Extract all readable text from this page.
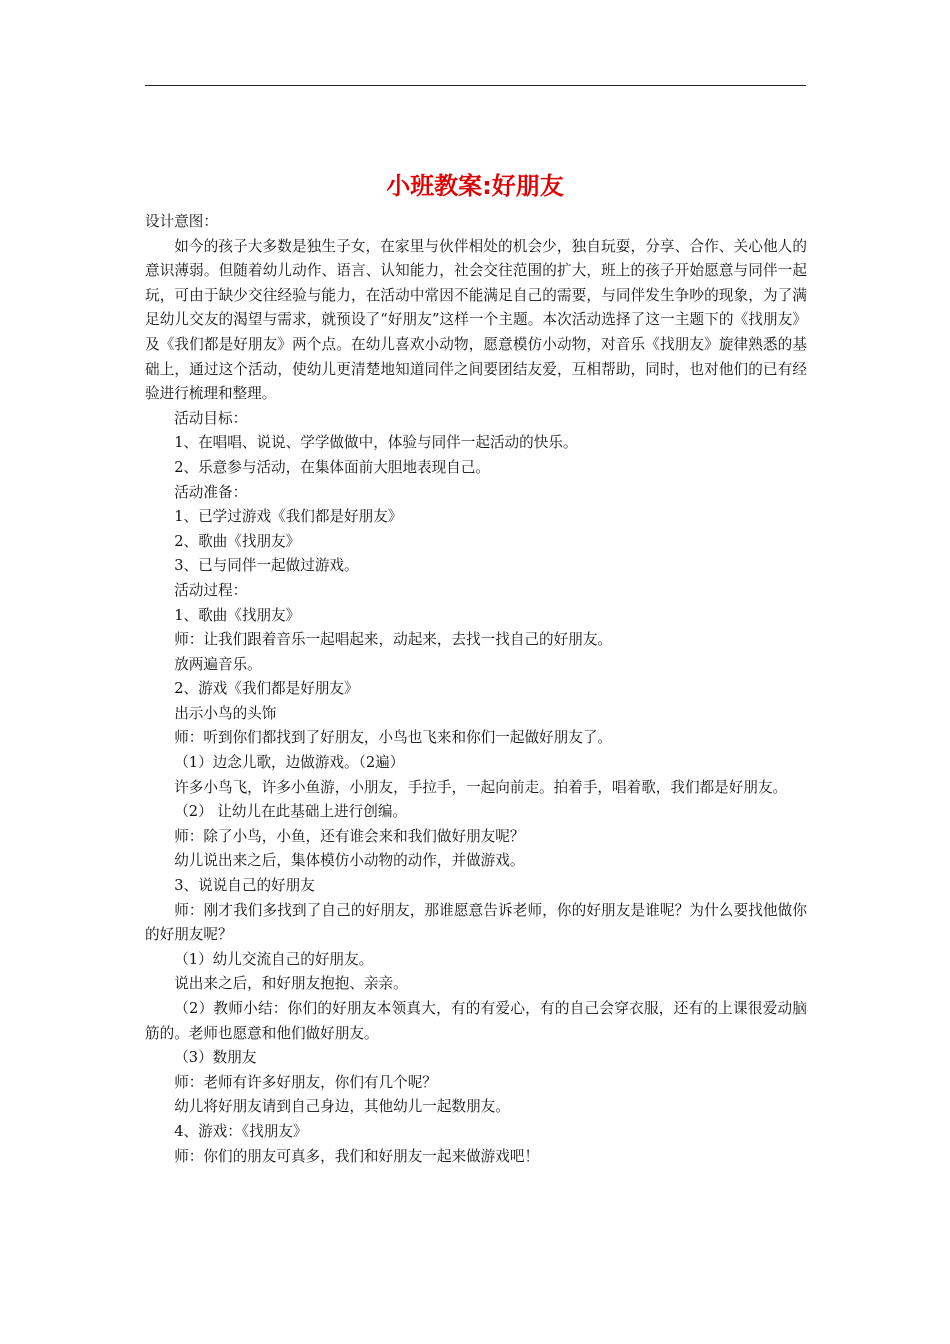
小班教案:好朋友
设计意图：
如今的孩子大多数是独生子女，在家里与伙伴相处的机会少，独自玩耍，分享、合作、关心他人的意识薄弱。但随着幼儿动作、语言、认知能力，社会交往范围的扩大，班上的孩子开始愿意与同伴一起玩，可由于缺少交往经验与能力，在活动中常因不能满足自己的需要，与同伴发生争吵的现象，为了满足幼儿交友的渴望与需求，就预设了“好朋友”这样一个主题。本次活动选择了这一主题下的《找朋友》及《我们都是好朋友》两个点。在幼儿喜欢小动物，愿意模仿小动物，对音乐《找朋友》旋律熟悉的基础上，通过这个活动，使幼儿更清楚地知道同伴之间要团结友爱，互相帮助，同时，也对他们的已有经验进行梳理和整理。
活动目标：
1、在唱唱、说说、学学做做中，体验与同伴一起活动的快乐。
2、乐意参与活动，在集体面前大胆地表现自己。
活动准备：
1、已学过游戏《我们都是好朋友》
2、歌曲《找朋友》
3、已与同伴一起做过游戏。
活动过程：
1、歌曲《找朋友》
师：让我们跟着音乐一起唱起来，动起来，去找一找自己的好朋友。
放两遍音乐。
2、游戏《我们都是好朋友》
出示小鸟的头饰
师：听到你们都找到了好朋友，小鸟也飞来和你们一起做好朋友了。
（1）边念儿歌，边做游戏。（2遍）
许多小鸟飞，许多小鱼游，小朋友，手拉手，一起向前走。拍着手，唱着歌，我们都是好朋友。
（2） 让幼儿在此基础上进行创编。
师：除了小鸟，小鱼，还有谁会来和我们做好朋友呢？
幼儿说出来之后，集体模仿小动物的动作，并做游戏。
3、说说自己的好朋友
师：刚才我们多找到了自己的好朋友，那谁愿意告诉老师，你的好朋友是谁呢？为什么要找他做你的好朋友呢？
（1）幼儿交流自己的好朋友。
说出来之后，和好朋友抱抱、亲亲。
（2）教师小结：你们的好朋友本领真大，有的有爱心，有的自己会穿衣服，还有的上课很爱动脑筋的。老师也愿意和他们做好朋友。
（3）数朋友
师：老师有许多好朋友，你们有几个呢？
幼儿将好朋友请到自己身边，其他幼儿一起数朋友。
4、游戏：《找朋友》
师：你们的朋友可真多，我们和好朋友一起来做游戏吧！
